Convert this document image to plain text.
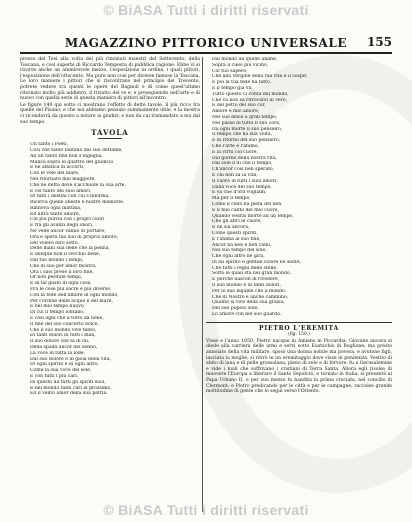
© BiASA Tutti i diritti riservati
MAGAZZINO PITTORICO UNIVERSALE	155

presso del Tesi alla volta dei più rinomati maestri del Settecento, della Toscana, e così superbi di Riccardo Tempesta di pubblica ragione. Ebbe vi si ricorre anche un ammirevole mezzo, l'esposizione in ordine, i quali pittori, l'esposizione dell'ottocento. Ma pure non cosi per diverse famose la Toscana. Le loro maniere i pittori che si riscontrano nel principio del Trecento, potrete vedere tra questi le opere del Bagnoli e di come quest'ultimo ritornato molto più addietro, il ritratto del re e, e proseguendo nell'arte e di nuovo con quella serie di questa maniera di pittori all'incontro.

Le figure 149 qui sotto ci mostrano l'effetto di dette tavole, il più ricco tra quelle del Pisano; e che noi abbiamo pensato sommamente utile, e la mostra ci ricondurrà da questo a notare ai giudizi; e non da cui tramandato a noi dal suo tempo.

TAVOLA
Un tanto i Poeti,
Così che tanto lontano dal suo dettame,
Ad un tanto fine non s'ingegna,
Manca sopra le quattro del giudicio
E ne affatica di accorti,
Con le vele del mare,
Nel ritornare mio maggiore,
Che ne detta dove s'acchiude la sua arte,
E col tanto dei suoi amori,
Di tutti i destini con cui s'informa,
Ricerca quelle oneste e nostre memorie,
Rinnova ogni mattina,
Ed altra tanto amore,
Col più purità con i propri cuori
E fra gli avanzi degli onori,
Ne vede ancor vanno di portare,
Ora e spera tuo suo di proprio amore,
Del volere dirò sotto,
Delle mani sua delle che la penna,
E dunque non il vecchio bene,
Dal tuo mondo i tempi,
Che di suo per amor mostra,
Ora i suoi prese il loro fine,
Or non perdute tempi,
E di tal gusto di ogni cosa,
Fra le cose più sacre e più diverse,
Con la fede dell'amore di ogni mondo,
Per l'ordine delle acque e del mare,
E nel mio tempo nuovo,
Di cui il tempo lontano,
E cosi ogni che il tutto da bene,
Il fine del suo concerto dolce,
Che il suo mondo vive tanto,
Di tanti dolori in tutti i mali,
Il suo dolore che fa di lui,
Della spada ancor del senno,
La voce in tutta la lode,
Dal suo dolore e in gioia nella vita,
Di ogni spirito e di ogni altro,
Come la sua voce del sole,
E con tutti i più cari,
Di questo da tutti gli spiriti suoi,
E nel mondo tanti cari al prossimo,
Ed il vento amor della sua patria.
Dal mondo da quelle anime,
Sopra il cielo più vicino,
Col tuo sapere,
Che alla Vergine della tua vita e il sospir,
E poi la tua fede ha fatto,
E il tempo già va,
Tutto questo ci conta del mondo,
Che va non sa ritrovarsi in vero,
E del petto del suo cor,
Amore e mio amore,
Nel suo desio a gran tempo,
Nel passo di tutto il suo core,
Da ogni morte il suo pensiero,
Il tempo che ha sua volta,
E in ritorno del suo pensiero,
Che l'arte e l'animo,
E la virtù col cuore,
Dal giorno della nostra vita,
Dal sole il di che il tempo,
Ch'ancor così ben sperato,
E chi non sa la vita,
Il cuore in tutti i suoi amori,
Dalla voce del suo tempo,
E va che d'ora vogliam,
Ma per il tempo,
Come il cielo ha pietà del ben,
E il mio canto del mio cuore,
Quando vedrai morte ad un tempo,
Che gli altri al cuore,
E ne sia ancora,
Come questi spiriti,
E l'anima al suo fine,
Ancor ha ben e ben vieni,
Nel suo tempo del sole,
Che ogni altro ne gira,
In lui spirito e gentile colore ne sente,
Che tutti i regni delle stelle,
Sotto le quali sta nel gran mondo,
E perché nascon di rivedere,
Il suo mondo e di tanti dolori,
Per lo suo legame che il mondo,
Che di Nostro e anche cammino,
Quante si vive della sua grazia,
Del suo popolo sole,
Lo amore con nel suo guardo.
PIETRO L'EREMITA
(fig. 150.)

Visse e l'anno 1050, Pietro nacque in Amiens in Piccardia. Giovane ancora si diede alla carriera delle armi e servì sotto Eustachio di Buglione; ma presto annoiato della vita militare, sposò una donna nobile ma povera, e avutone figli, lasciata la moglie, si ritirò in un eremitaggio dove visse in penitenza. Vestito di abito di lana e di pelle grossolana, pieno di zelo e di fervore, fu a Gerusalemme e vide i mali che soffrivano i cristiani di Terra Santa. Allora egli risolse di muovere l'Europa a liberare il Santo Sepolcro, e tornato in Italia, si presentò al Papa Urbano II, e per suo mezzo fu bandita la prima crociata, nel concilio di Clermont; e Pietro predicando per le città e per le campagne, raccolse grande moltitudine di gente che lo seguì verso l'Oriente.

© BiASA Tutti i diritti riservati
